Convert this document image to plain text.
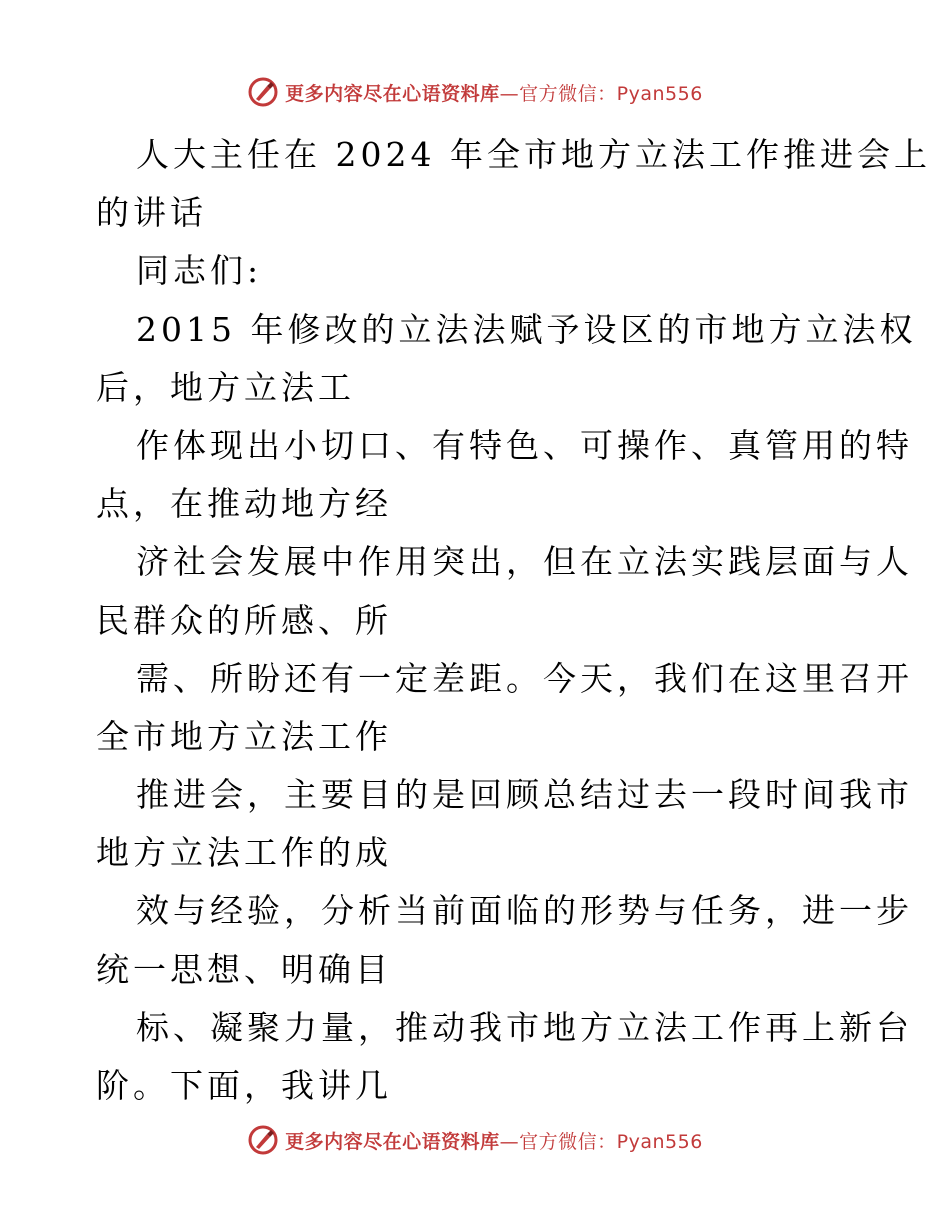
更多内容尽在心语资料库—官方微信：Pyan556
人大主任在 2024 年全市地方立法工作推进会上
的讲话
同志们:
2015 年修改的立法法赋予设区的市地方立法权
后，地方立法工
作体现出小切口、有特色、可操作、真管用的特
点，在推动地方经
济社会发展中作用突出，但在立法实践层面与人
民群众的所感、所
需、所盼还有一定差距。今天，我们在这里召开
全市地方立法工作
推进会，主要目的是回顾总结过去一段时间我市
地方立法工作的成
效与经验，分析当前面临的形势与任务，进一步
统一思想、明确目
标、凝聚力量，推动我市地方立法工作再上新台
阶。下面，我讲几
更多内容尽在心语资料库—官方微信：Pyan556
